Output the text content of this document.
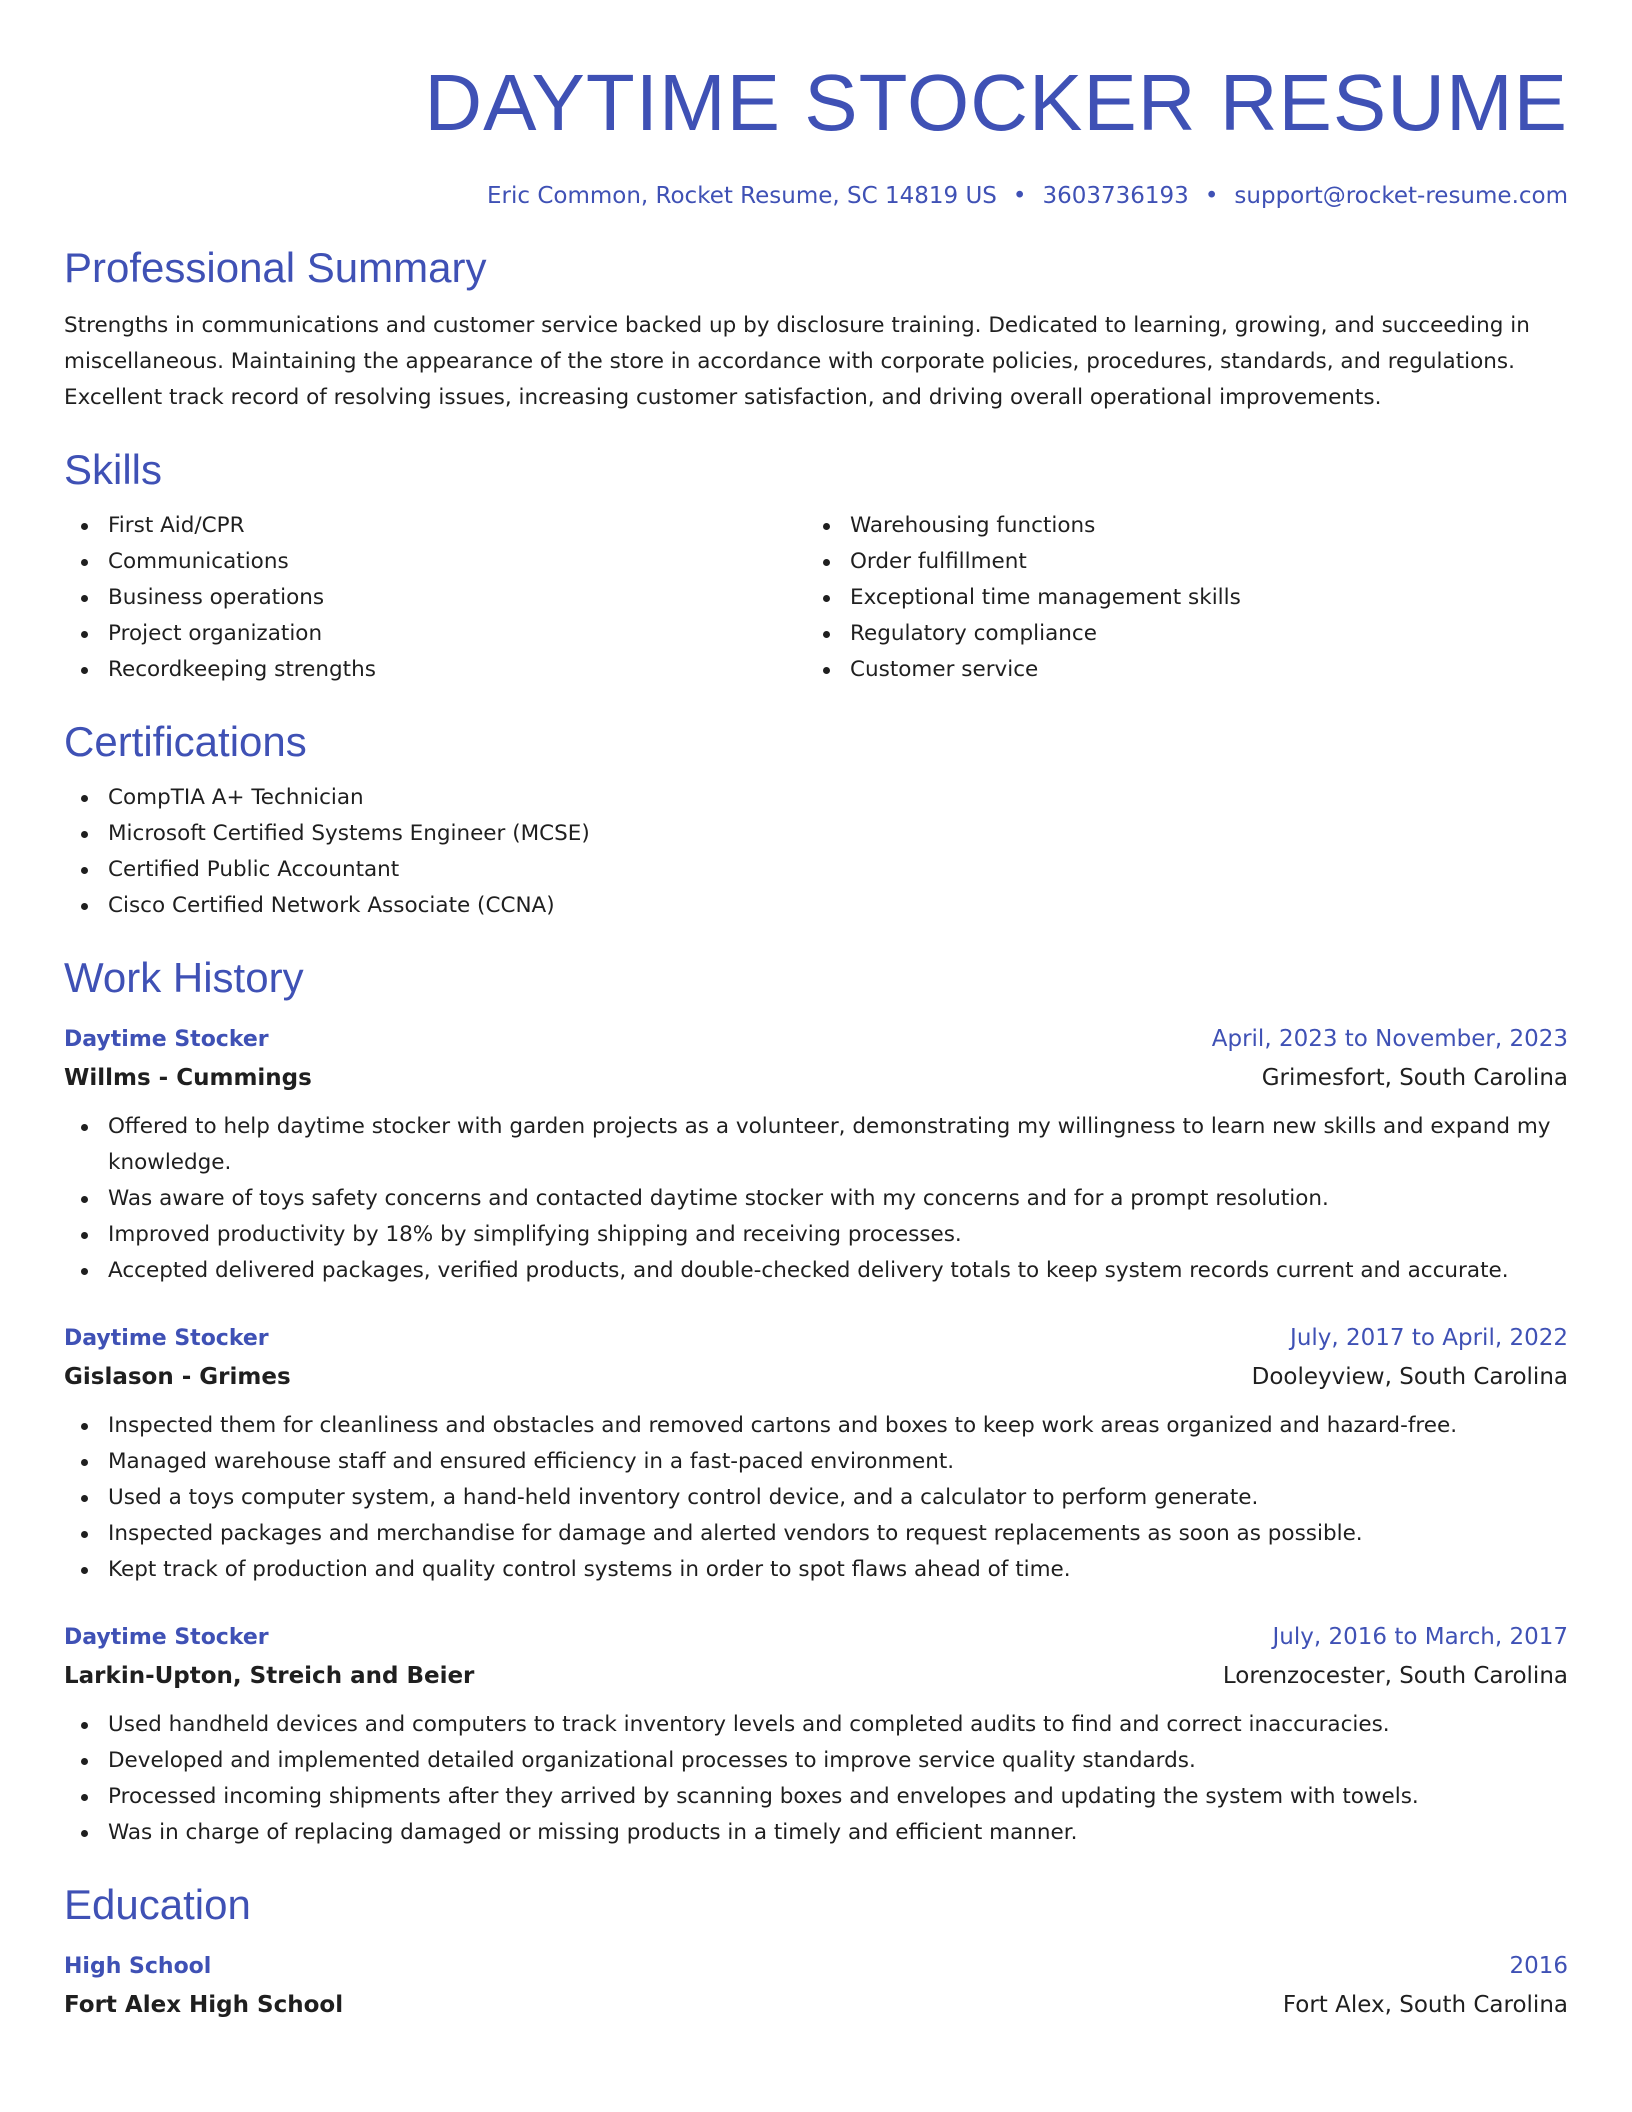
DAYTIME STOCKER RESUME
Eric Common, Rocket Resume, SC 14819 US • 3603736193 • support@rocket-resume.com
Professional Summary

Strengths in communications and customer service backed up by disclosure training. Dedicated to learning, growing, and succeeding in miscellaneous. Maintaining the appearance of the store in accordance with corporate policies, procedures, standards, and regulations. Excellent track record of resolving issues, increasing customer satisfaction, and driving overall operational improvements.

Skills
First Aid/CPR
Communications
Business operations
Project organization
Recordkeeping strengths
Warehousing functions
Order fulfillment
Exceptional time management skills
Regulatory compliance
Customer service
Certifications
CompTIA A+ Technician
Microsoft Certified Systems Engineer (MCSE)
Certified Public Accountant
Cisco Certified Network Associate (CCNA)
Work History
Daytime Stocker	April, 2023 to November, 2023
Willms - Cummings	Grimesfort, South Carolina
Offered to help daytime stocker with garden projects as a volunteer, demonstrating my willingness to learn new skills and expand my knowledge.
Was aware of toys safety concerns and contacted daytime stocker with my concerns and for a prompt resolution.
Improved productivity by 18% by simplifying shipping and receiving processes.
Accepted delivered packages, verified products, and double-checked delivery totals to keep system records current and accurate.
Daytime Stocker	July, 2017 to April, 2022
Gislason - Grimes	Dooleyview, South Carolina
Inspected them for cleanliness and obstacles and removed cartons and boxes to keep work areas organized and hazard-free.
Managed warehouse staff and ensured efficiency in a fast-paced environment.
Used a toys computer system, a hand-held inventory control device, and a calculator to perform generate.
Inspected packages and merchandise for damage and alerted vendors to request replacements as soon as possible.
Kept track of production and quality control systems in order to spot flaws ahead of time.
Daytime Stocker	July, 2016 to March, 2017
Larkin-Upton, Streich and Beier	Lorenzocester, South Carolina
Used handheld devices and computers to track inventory levels and completed audits to find and correct inaccuracies.
Developed and implemented detailed organizational processes to improve service quality standards.
Processed incoming shipments after they arrived by scanning boxes and envelopes and updating the system with towels.
Was in charge of replacing damaged or missing products in a timely and efficient manner.
Education
High School	2016
Fort Alex High School	Fort Alex, South Carolina
